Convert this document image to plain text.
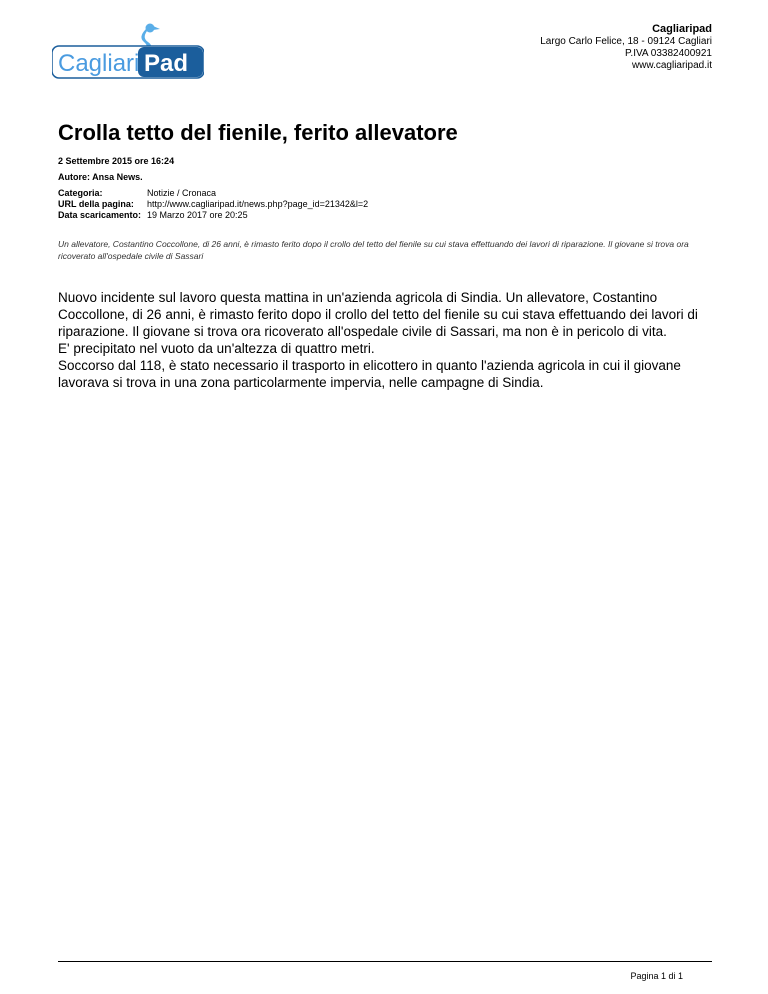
Cagliari Pad
Cagliaripad
Largo Carlo Felice, 18 - 09124 Cagliari
P.IVA 03382400921
www.cagliaripad.it
Crolla tetto del fienile, ferito allevatore
2 Settembre 2015 ore 16:24
Autore: Ansa News.
Categoria:	Notizie / Cronaca
URL della pagina:	http://www.cagliaripad.it/news.php?page_id=21342&l=2
Data scaricamento:	19 Marzo 2017 ore 20:25
Un allevatore, Costantino Coccollone, di 26 anni, è rimasto ferito dopo il crollo del tetto del fienile su cui stava effettuando dei lavori di riparazione. Il giovane si trova ora ricoverato all'ospedale civile di Sassari

Nuovo incidente sul lavoro questa mattina in un'azienda agricola di Sindia. Un allevatore, Costantino Coccollone, di 26 anni, è rimasto ferito dopo il crollo del tetto del fienile su cui stava effettuando dei lavori di riparazione. Il giovane si trova ora ricoverato all'ospedale civile di Sassari, ma non è in pericolo di vita.

E' precipitato nel vuoto da un'altezza di quattro metri.

Soccorso dal 118, è stato necessario il trasporto in elicottero in quanto l'azienda agricola in cui il giovane lavorava si trova in una zona particolarmente impervia, nelle campagne di Sindia.

Pagina 1 di 1
